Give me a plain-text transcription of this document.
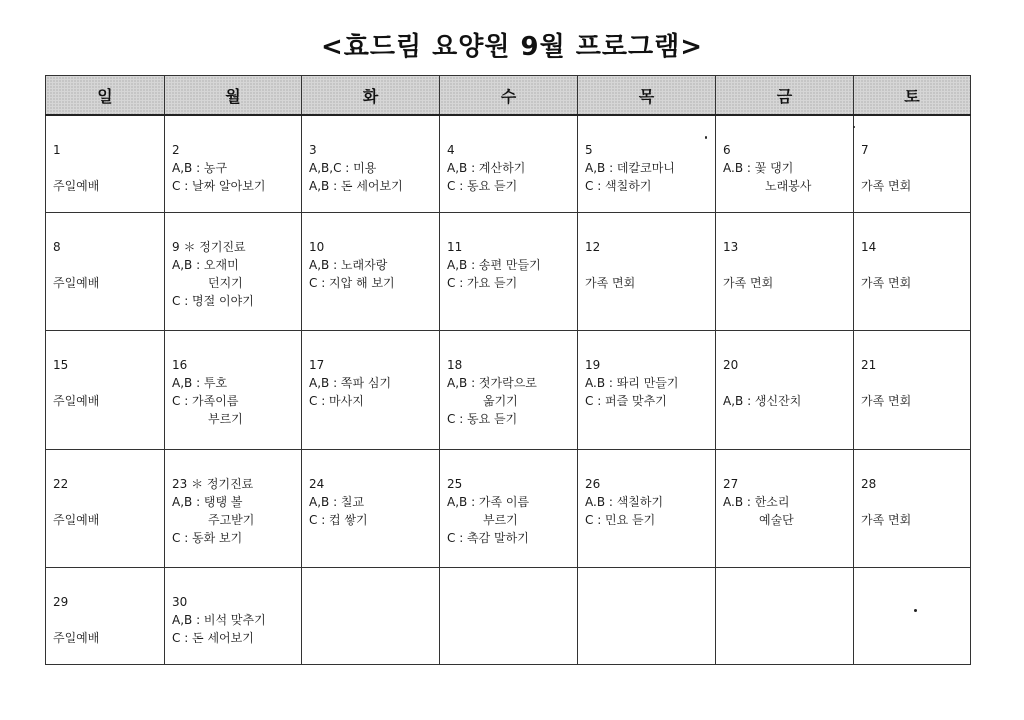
<효드림 요양원 9월 프로그램>
일	월	화	수	목	금	토

1
주일예배	2
A,B : 농구
C : 날짜 알아보기	3
A,B,C : 미용
A,B : 돈 세어보기	4
A,B : 계산하기
C : 동요 듣기	5
A,B : 데칼코마니
C : 색칠하기	6
A.B : 꽃 댕기
노래봉사	7
가족 면회

8
주일예배	9 ＊ 정기진료
A,B : 오재미
던지기
C : 명절 이야기	10
A,B : 노래자랑
C : 지압 해 보기	11
A,B : 송편 만들기
C : 가요 듣기	12
가족 면회	13
가족 면회	14
가족 면회

15
주일예배	16
A,B : 투호
C : 가족이름
부르기	17
A,B : 쪽파 심기
C : 마사지	18
A,B : 젓가락으로
옮기기
C : 동요 듣기	19
A.B : 똬리 만들기
C : 퍼즐 맞추기	20
A,B : 생신잔치	21
가족 면회

22
주일예배	23 ＊ 정기진료
A,B : 탱탱 볼
주고받기
C : 동화 보기	24
A,B : 칠교
C : 컵 쌓기	25
A,B : 가족 이름
부르기
C : 촉감 말하기	26
A.B : 색칠하기
C : 민요 듣기	27
A.B : 한소리
예술단	28
가족 면회

29
주일예배	30
A,B : 비석 맞추기
C : 돈 세어보기					
